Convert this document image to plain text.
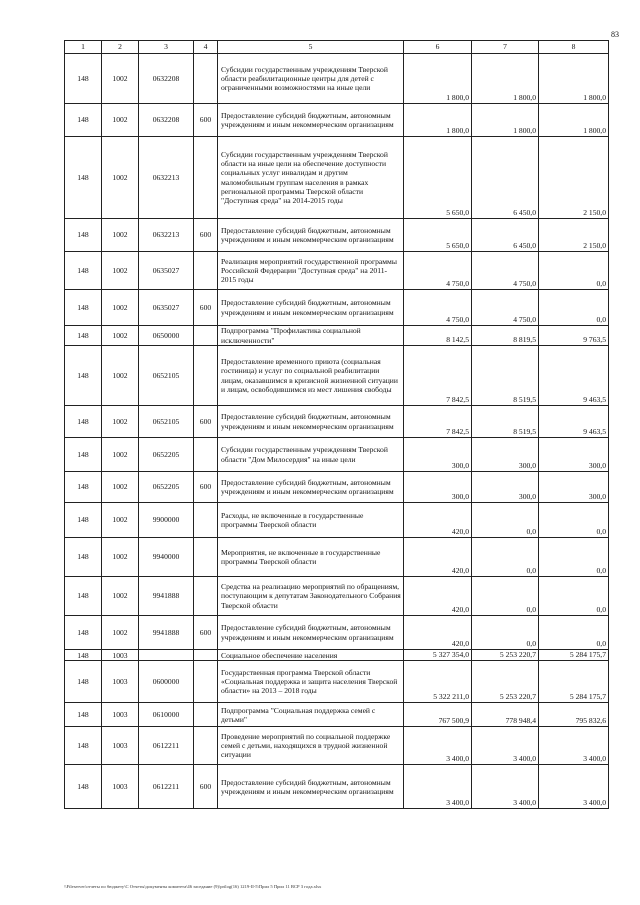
83
1	2	3	4	5	6	7	8
148	1002	0632208		Субсидии государственным учреждениям Тверской области реабилитационные центры для детей с ограниченными возможностями на иные цели	1 800,0	1 800,0	1 800,0
148	1002	0632208	600	Предоставление субсидий бюджетным, автономным учреждениям и иным некоммерческим организациям	1 800,0	1 800,0	1 800,0
148	1002	0632213		Субсидии государственным учреждениям Тверской области на иные цели на обеспечение доступности социальных услуг инвалидам и другим маломобильным группам населения в рамках региональной программы Тверской области "Доступная среда" на 2014-2015 годы	5 650,0	6 450,0	2 150,0
148	1002	0632213	600	Предоставление субсидий бюджетным, автономным учреждениям и иным некоммерческим организациям	5 650,0	6 450,0	2 150,0
148	1002	0635027		Реализация мероприятий государственной программы Российской Федерации "Доступная среда" на 2011-2015 годы	4 750,0	4 750,0	0,0
148	1002	0635027	600	Предоставление субсидий бюджетным, автономным учреждениям и иным некоммерческим организациям	4 750,0	4 750,0	0,0
148	1002	0650000		Подпрограмма "Профилактика социальной исключенности"	8 142,5	8 819,5	9 763,5
148	1002	0652105		Предоставление временного приюта (социальная гостиница) и услуг по социальной реабилитации лицам, оказавшимся в кризисной жизненной ситуации и лицам, освободившимся из мест лишения свободы	7 842,5	8 519,5	9 463,5
148	1002	0652105	600	Предоставление субсидий бюджетным, автономным учреждениям и иным некоммерческим организациям	7 842,5	8 519,5	9 463,5
148	1002	0652205		Субсидии государственным учреждениям Тверской области "Дом Милосердия" на иные цели	300,0	300,0	300,0
148	1002	0652205	600	Предоставление субсидий бюджетным, автономным учреждениям и иным некоммерческим организациям	300,0	300,0	300,0
148	1002	9900000		Расходы, не включенные в государственные программы Тверской области	420,0	0,0	0,0
148	1002	9940000		Мероприятия, не включенные в государственные программы Тверской области	420,0	0,0	0,0
148	1002	9941888		Средства на реализацию мероприятий по обращениям, поступающим к депутатам Законодательного Собрания Тверской области	420,0	0,0	0,0
148	1002	9941888	600	Предоставление субсидий бюджетным, автономным учреждениям и иным некоммерческим организациям	420,0	0,0	0,0
148	1003			Социальное обеспечение населения	5 327 354,0	5 253 220,7	5 284 175,7
148	1003	0600000		Государственная программа Тверской области «Социальная поддержка и защита населения Тверской области» на 2013 – 2018 годы	5 322 211,0	5 253 220,7	5 284 175,7
148	1003	0610000		Подпрограмма "Социальная поддержка семей с детьми"	767 500,9	778 948,4	795 832,6
148	1003	0612211		Проведение мероприятий по социальной поддержке семей с детьми, находящихся в трудной жизненной ситуации	3 400,0	3 400,0	3 400,0
148	1003	0612211	600	Предоставление субсидий бюджетным, автономным учреждениям и иным некоммерческим организациям	3 400,0	3 400,0	3 400,0
\\Fileserver\отчеты по бюджету\С Отчеты\документы комитета\46 заседание (9)\prilog(16) 1219-II-5\Прил 5 Прил 11 ВСР 3 года.xlsx
